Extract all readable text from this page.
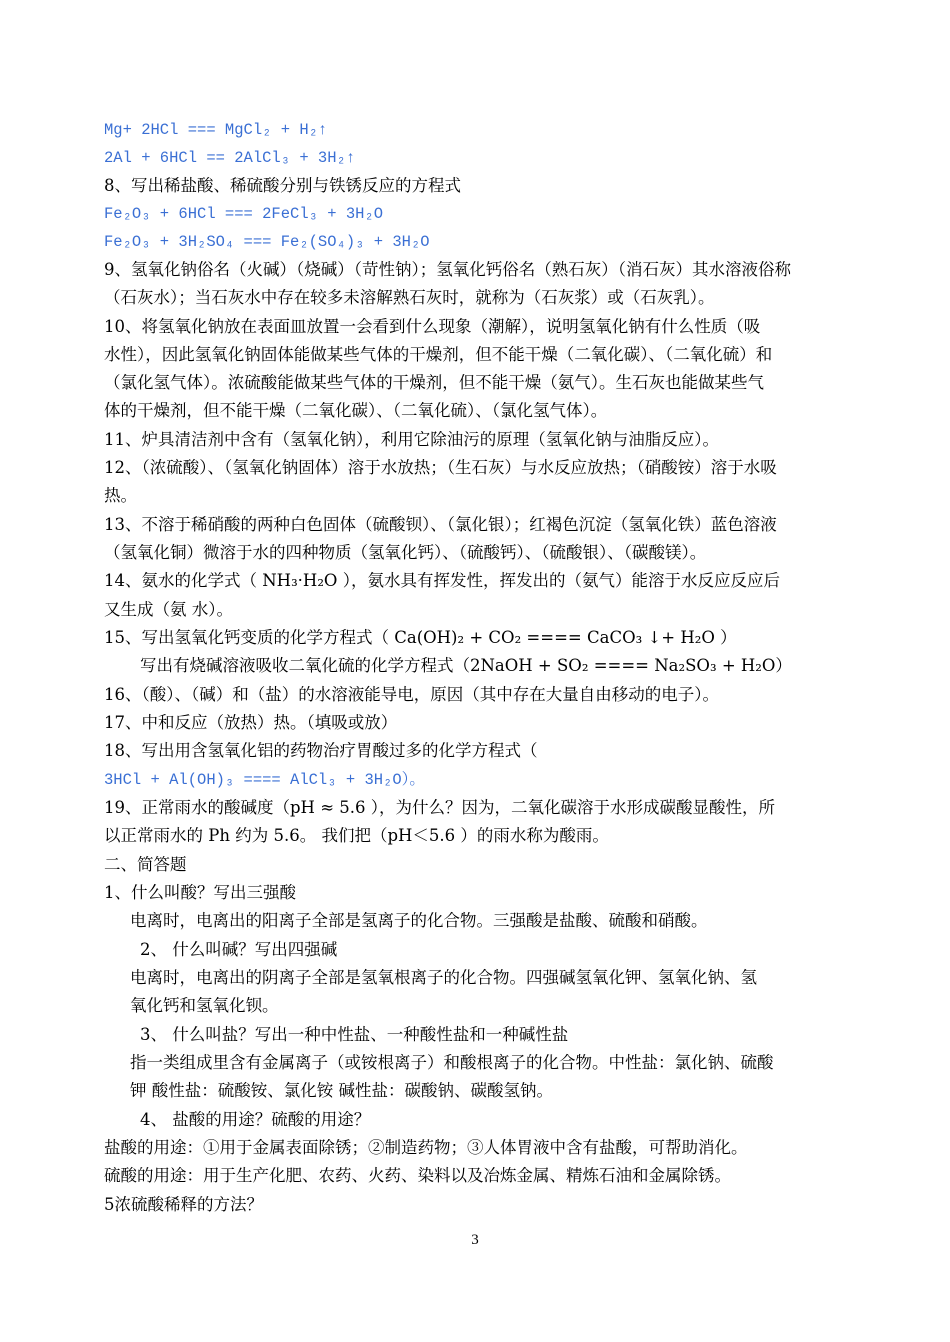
Mg+ 2HCl === MgCl₂ + H₂↑
2Al + 6HCl == 2AlCl₃ + 3H₂↑
8、写出稀盐酸、稀硫酸分别与铁锈反应的方程式
Fe₂O₃ + 6HCl === 2FeCl₃ + 3H₂O
Fe₂O₃ + 3H₂SO₄ === Fe₂(SO₄)₃ + 3H₂O
9、氢氧化钠俗名（火碱）（烧碱）（苛性钠）；氢氧化钙俗名（熟石灰）（消石灰）其水溶液俗称
（石灰水）；当石灰水中存在较多未溶解熟石灰时，就称为（石灰浆）或（石灰乳）。
10、将氢氧化钠放在表面皿放置一会看到什么现象（潮解），说明氢氧化钠有什么性质（吸
水性），因此氢氧化钠固体能做某些气体的干燥剂，但不能干燥（二氧化碳）、（二氧化硫）和
（氯化氢气体）。浓硫酸能做某些气体的干燥剂，但不能干燥（氨气）。生石灰也能做某些气
体的干燥剂，但不能干燥（二氧化碳）、（二氧化硫）、（氯化氢气体）。
11、炉具清洁剂中含有（氢氧化钠），利用它除油污的原理（氢氧化钠与油脂反应）。
12、（浓硫酸）、（氢氧化钠固体）溶于水放热；（生石灰）与水反应放热；（硝酸铵）溶于水吸
热。
13、不溶于稀硝酸的两种白色固体（硫酸钡）、（氯化银）；红褐色沉淀（氢氧化铁）蓝色溶液
（氢氧化铜）微溶于水的四种物质（氢氧化钙）、（硫酸钙）、（硫酸银）、（碳酸镁）。
14、氨水的化学式（ NH₃·H₂O ），氨水具有挥发性，挥发出的（氨气）能溶于水反应反应后
又生成（氨 水）。
15、写出氢氧化钙变质的化学方程式（ Ca(OH)₂ + CO₂ ==== CaCO₃ ↓+ H₂O ）
写出有烧碱溶液吸收二氧化硫的化学方程式（2NaOH + SO₂ ==== Na₂SO₃ + H₂O）
16、（酸）、（碱）和（盐）的水溶液能导电，原因（其中存在大量自由移动的电子）。
17、中和反应（放热）热。（填吸或放）
18、写出用含氢氧化铝的药物治疗胃酸过多的化学方程式（
3HCl + Al(OH)₃ ==== AlCl₃ + 3H₂O）。
19、正常雨水的酸碱度（pH ≈ 5.6 ），为什么？因为，二氧化碳溶于水形成碳酸显酸性，所
以正常雨水的 Ph 约为 5.6。 我们把（pH＜5.6 ）的雨水称为酸雨。
二、简答题
1、什么叫酸？写出三强酸
电离时，电离出的阳离子全部是氢离子的化合物。三强酸是盐酸、硫酸和硝酸。
2、 什么叫碱？写出四强碱
电离时，电离出的阴离子全部是氢氧根离子的化合物。四强碱氢氧化钾、氢氧化钠、氢
氧化钙和氢氧化钡。
3、 什么叫盐？写出一种中性盐、一种酸性盐和一种碱性盐
指一类组成里含有金属离子（或铵根离子）和酸根离子的化合物。中性盐：氯化钠、硫酸
钾 酸性盐：硫酸铵、氯化铵 碱性盐：碳酸钠、碳酸氢钠。
4、 盐酸的用途？硫酸的用途？
盐酸的用途：①用于金属表面除锈；②制造药物；③人体胃液中含有盐酸，可帮助消化。
硫酸的用途：用于生产化肥、农药、火药、染料以及冶炼金属、精炼石油和金属除锈。
5浓硫酸稀释的方法？
3
